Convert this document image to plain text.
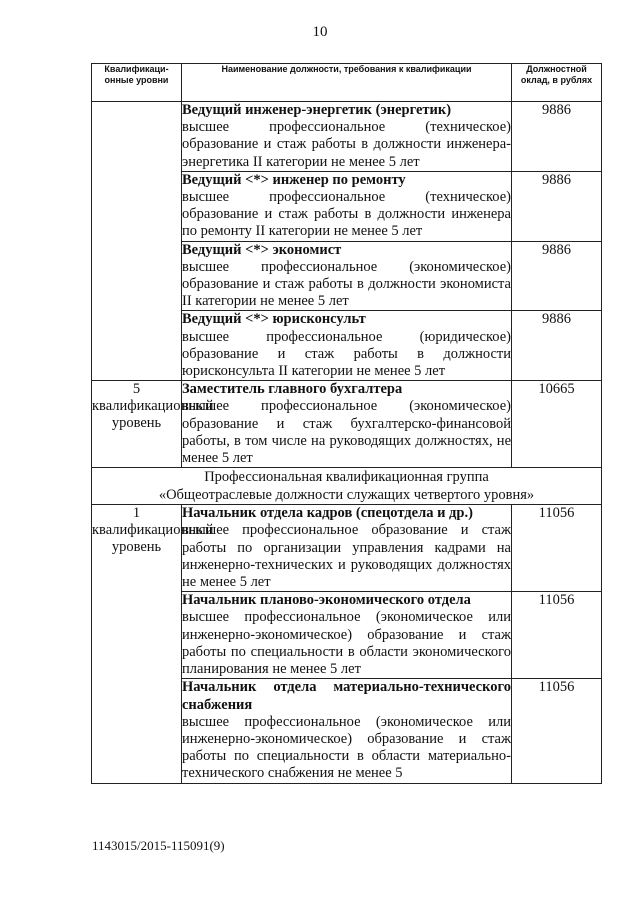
10
Квалификаци-онные уровни	Наименование должности, требования к квалификации	Должностной оклад, в рублях

	Ведущий инженер-энергетик (энергетик)
высшее профессиональное (техническое) образование и стаж работы в должности инженера-энергетика II категории не менее 5 лет	9886

	Ведущий <*> инженер по ремонту
высшее профессиональное (техническое) образование и стаж работы в должности инженера по ремонту II категории не менее 5 лет	9886

	Ведущий <*> экономист
высшее профессиональное (экономическое) образование и стаж работы в должности экономиста II категории не менее 5 лет	9886

	Ведущий <*> юрисконсульт
высшее профессиональное (юридическое) образование и стаж работы в должности юрисконсульта II категории не менее 5 лет	9886
5 квалификационный уровень	Заместитель главного бухгалтера
высшее профессиональное (экономическое) образование и стаж бухгалтерско-финансовой работы, в том числе на руководящих должностях, не менее 5 лет	10665

Профессиональная квалификационная группа
«Общеотраслевые должности служащих четвертого уровня»		

1 квалификационный уровень	Начальник отдела кадров (спецотдела и др.)
высшее профессиональное образование и стаж работы по организации управления кадрами на инженерно-технических и руководящих должностях не менее 5 лет	11056

	Начальник планово-экономического отдела
высшее профессиональное (экономическое или инженерно-экономическое) образование и стаж работы по специальности в области экономического планирования не менее 5 лет	11056

	Начальник отдела материально-технического снабжения
высшее профессиональное (экономическое или инженерно-экономическое) образование и стаж работы по специальности в области материально-технического снабжения не менее 5	11056
1143015/2015-115091(9)
